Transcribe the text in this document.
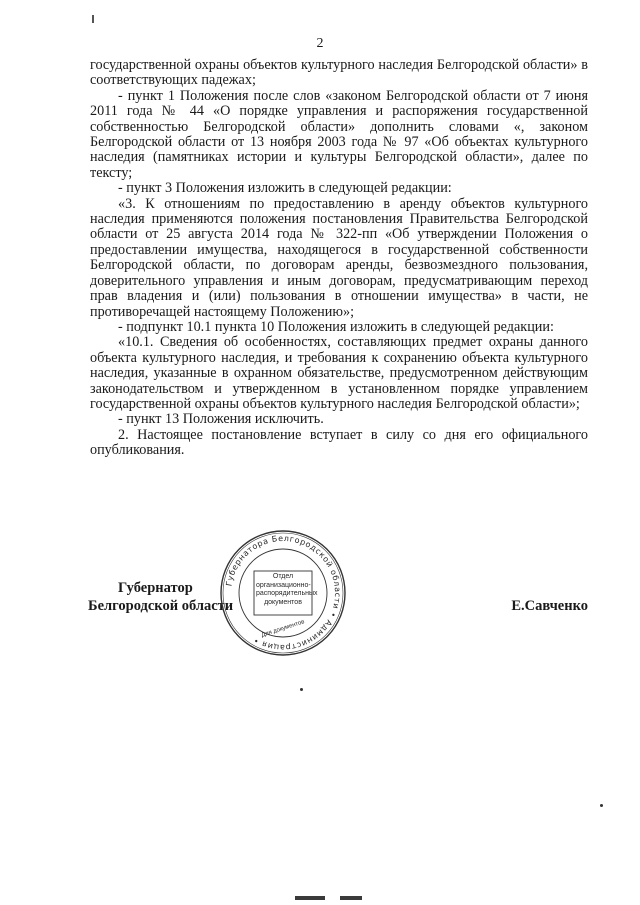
2

государственной охраны объектов культурного наследия Белгородской области» в соответствующих падежах;

- пункт 1 Положения после слов «законом Белгородской области от 7 июня 2011 года № 44 «О порядке управления и распоряжения государственной собственностью Белгородской области» дополнить словами «, законом Белгородской области от 13 ноября 2003 года № 97 «Об объектах культурного наследия (памятниках истории и культуры Белгородской области», далее по тексту;

- пункт 3 Положения изложить в следующей редакции:

«3. К отношениям по предоставлению в аренду объектов культурного наследия применяются положения постановления Правительства Белгородской области от 25 августа 2014 года № 322-пп «Об утверждении Положения о предоставлении имущества, находящегося в государственной собственности Белгородской области, по договорам аренды, безвозмездного пользования, доверительного управления и иным договорам, предусматривающим переход прав владения и (или) пользования в отношении имущества» в части, не противоречащей настоящему Положению»;

- подпункт 10.1 пункта 10 Положения изложить в следующей редакции:

«10.1. Сведения об особенностях, составляющих предмет охраны данного объекта культурного наследия, и требования к сохранению объекта культурного наследия, указанные в охранном обязательстве, предусмотренном действующим законодательством и утвержденном в установленном порядке управлением государственной охраны объектов культурного наследия Белгородской области»;

- пункт 13 Положения исключить.

2. Настоящее постановление вступает в силу со дня его официального опубликования.

Губернатор
Белгородской области	Е.Савченко
Губернатора Белгородской области • Администрация •
Отдел
организационно-
распорядительных
документов
Для документов
